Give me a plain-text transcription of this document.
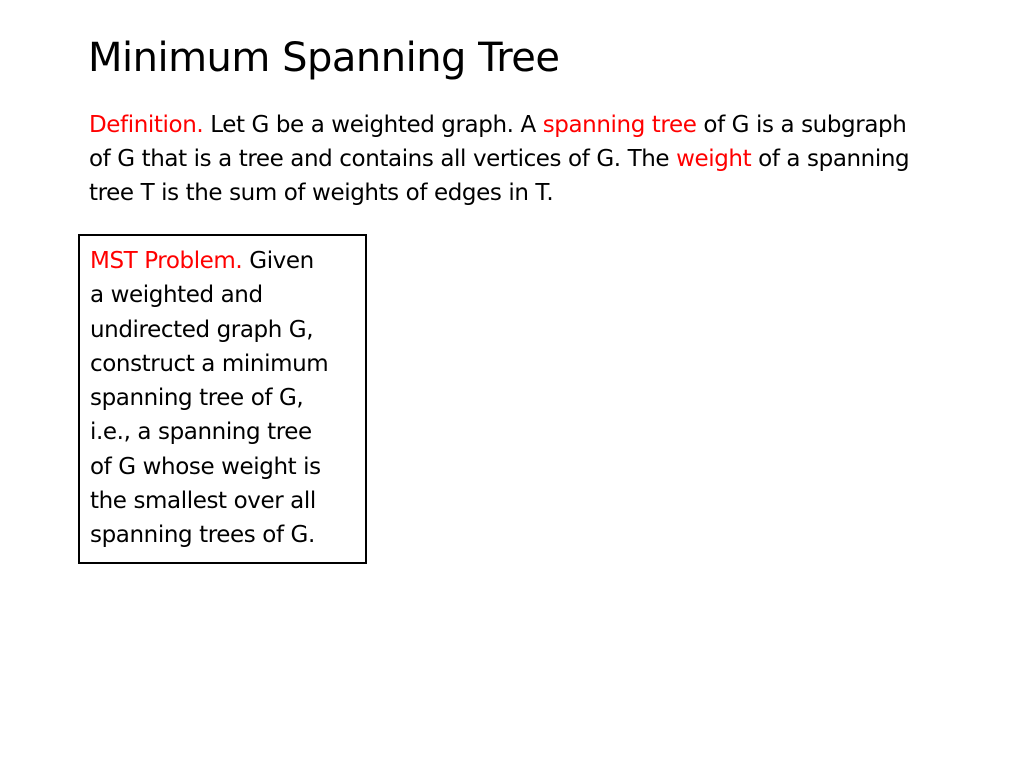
Minimum Spanning Tree

Definition. Let G be a weighted graph. A spanning tree of G is a subgraph of G that is a tree and contains all vertices of G. The weight of a spanning tree T is the sum of weights of edges in T.

MST Problem. Given
a weighted and
undirected graph G,
construct a minimum
spanning tree of G,
i.e., a spanning tree
of G whose weight is
the smallest over all
spanning trees of G.
